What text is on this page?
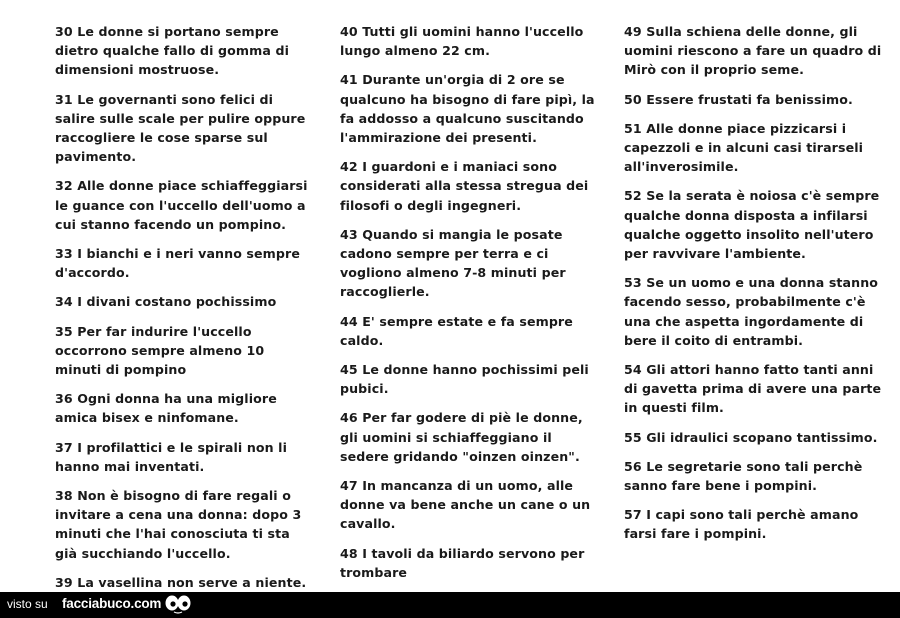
30 Le donne si portano sempre dietro qualche fallo di gomma di dimensioni mostruose.
31 Le governanti sono felici di salire sulle scale per pulire oppure raccogliere le cose sparse sul pavimento.
32 Alle donne piace schiaffeggiarsi le guance con l'uccello dell'uomo a cui stanno facendo un pompino.
33 I bianchi e i neri vanno sempre d'accordo.
34 I divani costano pochissimo
35 Per far indurire l'uccello occorrono sempre almeno 10 minuti di pompino
36 Ogni donna ha una migliore amica bisex e ninfomane.
37 I profilattici e le spirali non li hanno mai inventati.
38 Non è bisogno di fare regali o invitare a cena una donna: dopo 3 minuti che l'hai conosciuta ti sta già succhiando l'uccello.
39 La vasellina non serve a niente.
40 Tutti gli uomini hanno l'uccello lungo almeno 22 cm.
41 Durante un'orgia di 2 ore se qualcuno ha bisogno di fare pipì, la fa addosso a qualcuno suscitando l'ammirazione dei presenti.
42 I guardoni e i maniaci sono considerati alla stessa stregua dei filosofi o degli ingegneri.
43 Quando si mangia le posate cadono sempre per terra e ci vogliono almeno 7-8 minuti per raccoglierle.
44 E' sempre estate e fa sempre caldo.
45 Le donne hanno pochissimi peli pubici.
46 Per far godere di piè le donne, gli uomini si schiaffeggiano il sedere gridando "oinzen oinzen".
47 In mancanza di un uomo, alle donne va bene anche un cane o un cavallo.
48 I tavoli da biliardo servono per trombare
49 Sulla schiena delle donne, gli uomini riescono a fare un quadro di Mirò con il proprio seme.
50 Essere frustati fa benissimo.
51 Alle donne piace pizzicarsi i capezzoli e in alcuni casi tirarseli all'inverosimile.
52 Se la serata è noiosa c'è sempre qualche donna disposta a infilarsi qualche oggetto insolito nell'utero per ravvivare l'ambiente.
53 Se un uomo e una donna stanno facendo sesso, probabilmente c'è una che aspetta ingordamente di bere il coito di entrambi.
54 Gli attori hanno fatto tanti anni di gavetta prima di avere una parte in questi film.
55 Gli idraulici scopano tantissimo.
56 Le segretarie sono tali perchè sanno fare bene i pompini.
57 I capi sono tali perchè amano farsi fare i pompini.
visto su facciabuco.com
